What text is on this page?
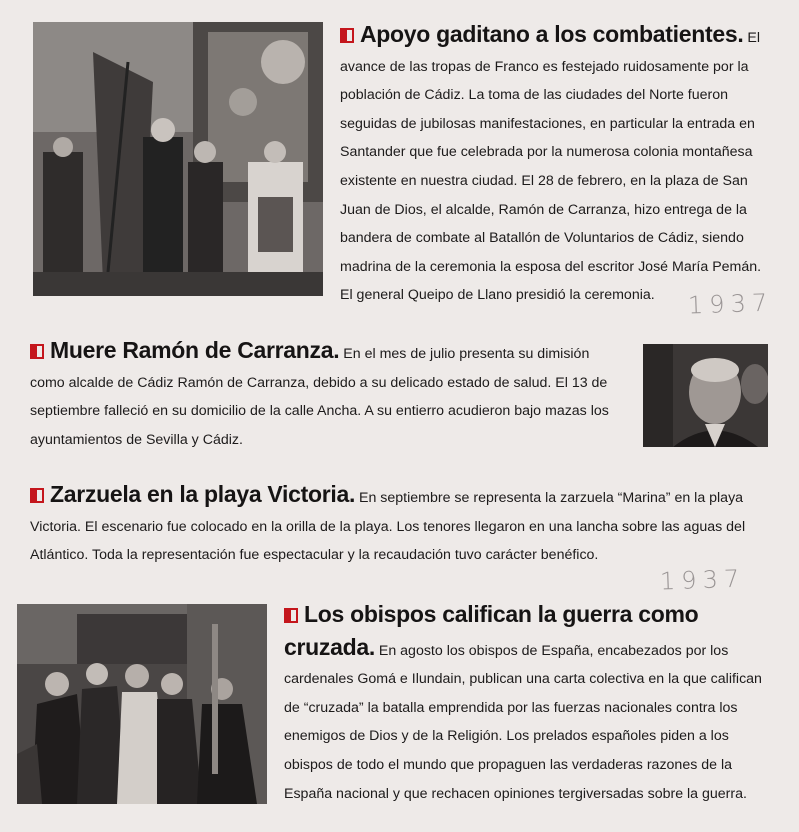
Apoyo gaditano a los combatientes. El avance de las tropas de Franco es festejado ruidosamente por la población de Cádiz. La toma de las ciudades del Norte fueron seguidas de jubilosas manifestaciones, en particular la entrada en Santander que fue celebrada por la numerosa colonia montañesa existente en nuestra ciudad. El 28 de febrero, en la plaza de San Juan de Dios, el alcalde, Ramón de Carranza, hizo entrega de la bandera de combate al Batallón de Voluntarios de Cádiz, siendo madrina de la ceremonia la esposa del escritor José María Pemán. El general Queipo de Llano presidió la ceremonia.	1937

Muere Ramón de Carranza. En el mes de julio presenta su dimisión como alcalde de Cádiz Ramón de Carranza, debido a su delicado estado de salud. El 13 de septiembre falleció en su domicilio de la calle Ancha. A su entierro acudieron bajo mazas los ayuntamientos de Sevilla y Cádiz.

Zarzuela en la playa Victoria. En septiembre se representa la zarzuela “Marina” en la playa Victoria. El escenario fue colocado en la orilla de la playa. Los tenores llegaron en una lancha sobre las aguas del Atlántico. Toda la representación fue espectacular y la recaudación tuvo carácter benéfico.

1937

Los obispos califican la guerra como cruzada. En agosto los obispos de España, encabezados por los cardenales Gomá e Ilundain, publican una carta colectiva en la que califican de “cruzada” la batalla emprendida por las fuerzas nacionales contra los enemigos de Dios y de la Religión. Los prelados españoles piden a los obispos de todo el mundo que propaguen las verdaderas razones de la España nacional y que rechacen opiniones tergiversadas sobre la guerra.
